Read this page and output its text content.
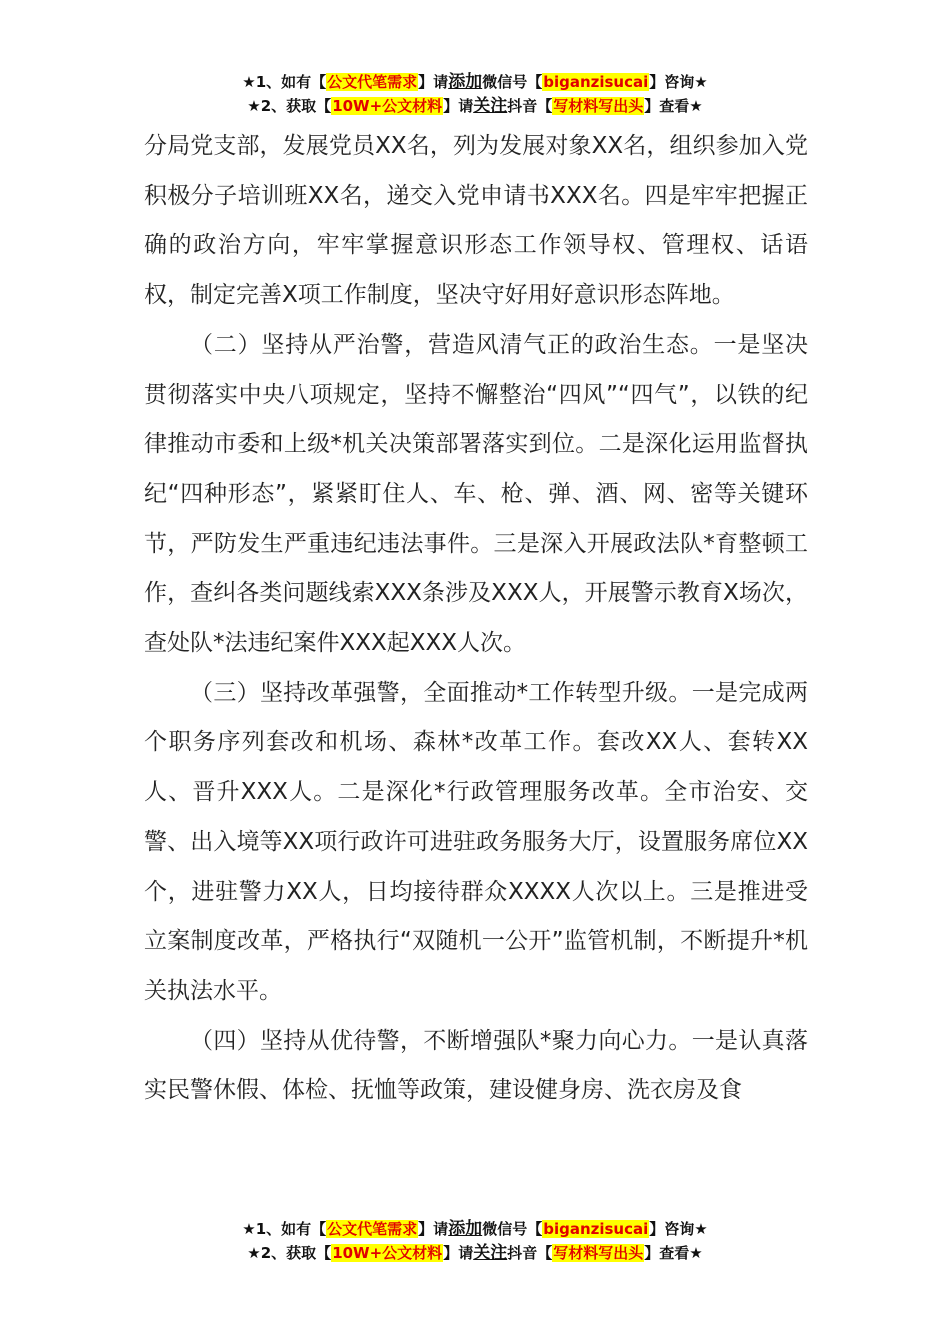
★1、如有【公文代笔需求】请添加微信号【biganzisucai】咨询★
★2、获取【10W+公文材料】请关注抖音【写材料写出头】查看★

分局党支部，发展党员XX名，列为发展对象XX名，组织参加入党积极分子培训班XX名，递交入党申请书XXX名。四是牢牢把握正确的政治方向，牢牢掌握意识形态工作领导权、管理权、话语权，制定完善X项工作制度，坚决守好用好意识形态阵地。

（二）坚持从严治警，营造风清气正的政治生态。一是坚决贯彻落实中央八项规定，坚持不懈整治“四风”“四气”，以铁的纪律推动市委和上级*机关决策部署落实到位。二是深化运用监督执纪“四种形态”，紧紧盯住人、车、枪、弹、酒、网、密等关键环节，严防发生严重违纪违法事件。三是深入开展政法队*育整顿工作，查纠各类问题线索XXX条涉及XXX人，开展警示教育X场次，查处队*法违纪案件XXX起XXX人次。

（三）坚持改革强警，全面推动*工作转型升级。一是完成两个职务序列套改和机场、森林*改革工作。套改XX人、套转XX人、晋升XXX人。二是深化*行政管理服务改革。全市治安、交警、出入境等XX项行政许可进驻政务服务大厅，设置服务席位XX个，进驻警力XX人，日均接待群众XXXX人次以上。三是推进受立案制度改革，严格执行“双随机一公开”监管机制，不断提升*机关执法水平。

（四）坚持从优待警，不断增强队*聚力向心力。一是认真落实民警休假、体检、抚恤等政策，建设健身房、洗衣房及食

★1、如有【公文代笔需求】请添加微信号【biganzisucai】咨询★
★2、获取【10W+公文材料】请关注抖音【写材料写出头】查看★
